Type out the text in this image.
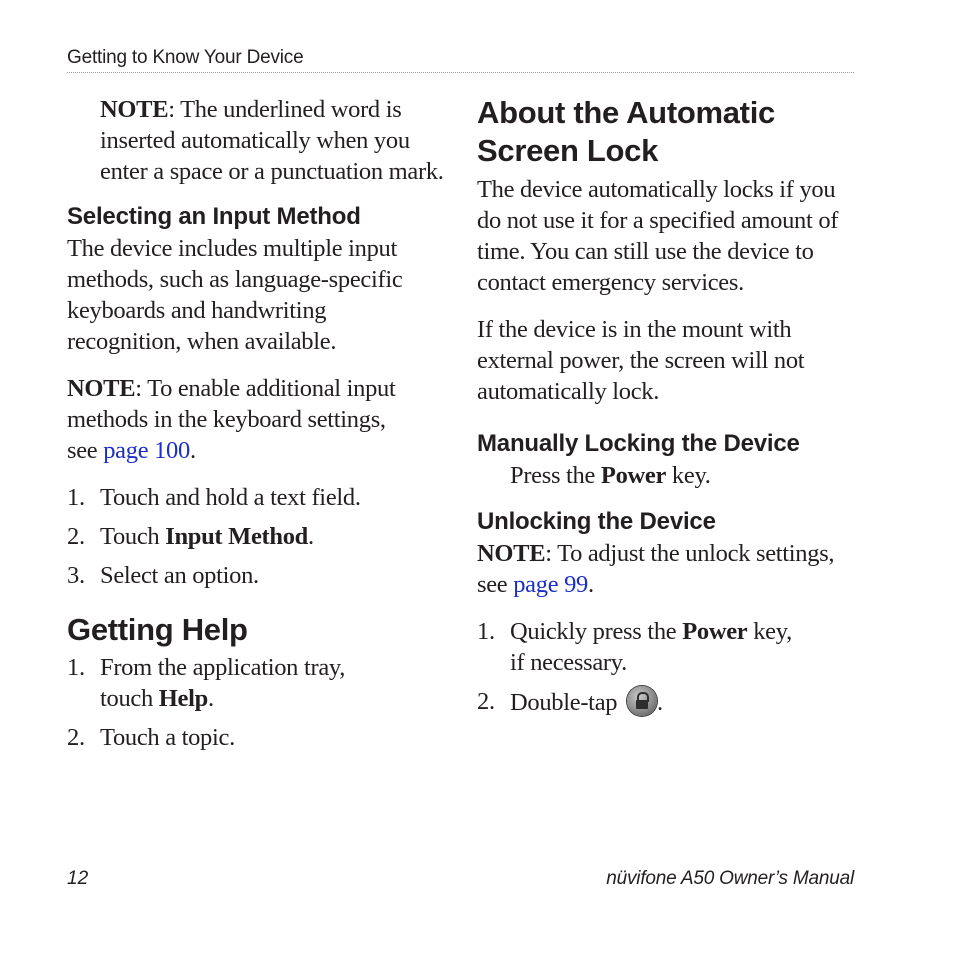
Getting to Know Your Device

NOTE: The underlined word is inserted automatically when you enter a space or a punctuation mark.

Selecting an Input Method

The device includes multiple input methods, such as language-specific keyboards and handwriting recognition, when available.

NOTE: To enable additional input methods in the keyboard settings, see page 100.

1. Touch and hold a text field.
2. Touch Input Method.
3. Select an option.
Getting Help
1. From the application tray, touch Help.
2. Touch a topic.
About the Automatic Screen Lock

The device automatically locks if you do not use it for a specified amount of time. You can still use the device to contact emergency services.

If the device is in the mount with external power, the screen will not automatically lock.

Manually Locking the Device

Press the Power key.

Unlocking the Device

NOTE: To adjust the unlock settings, see page 99.

1. Quickly press the Power key, if necessary.
2. Double-tap .
12	nüvifone A50 Owner’s Manual
